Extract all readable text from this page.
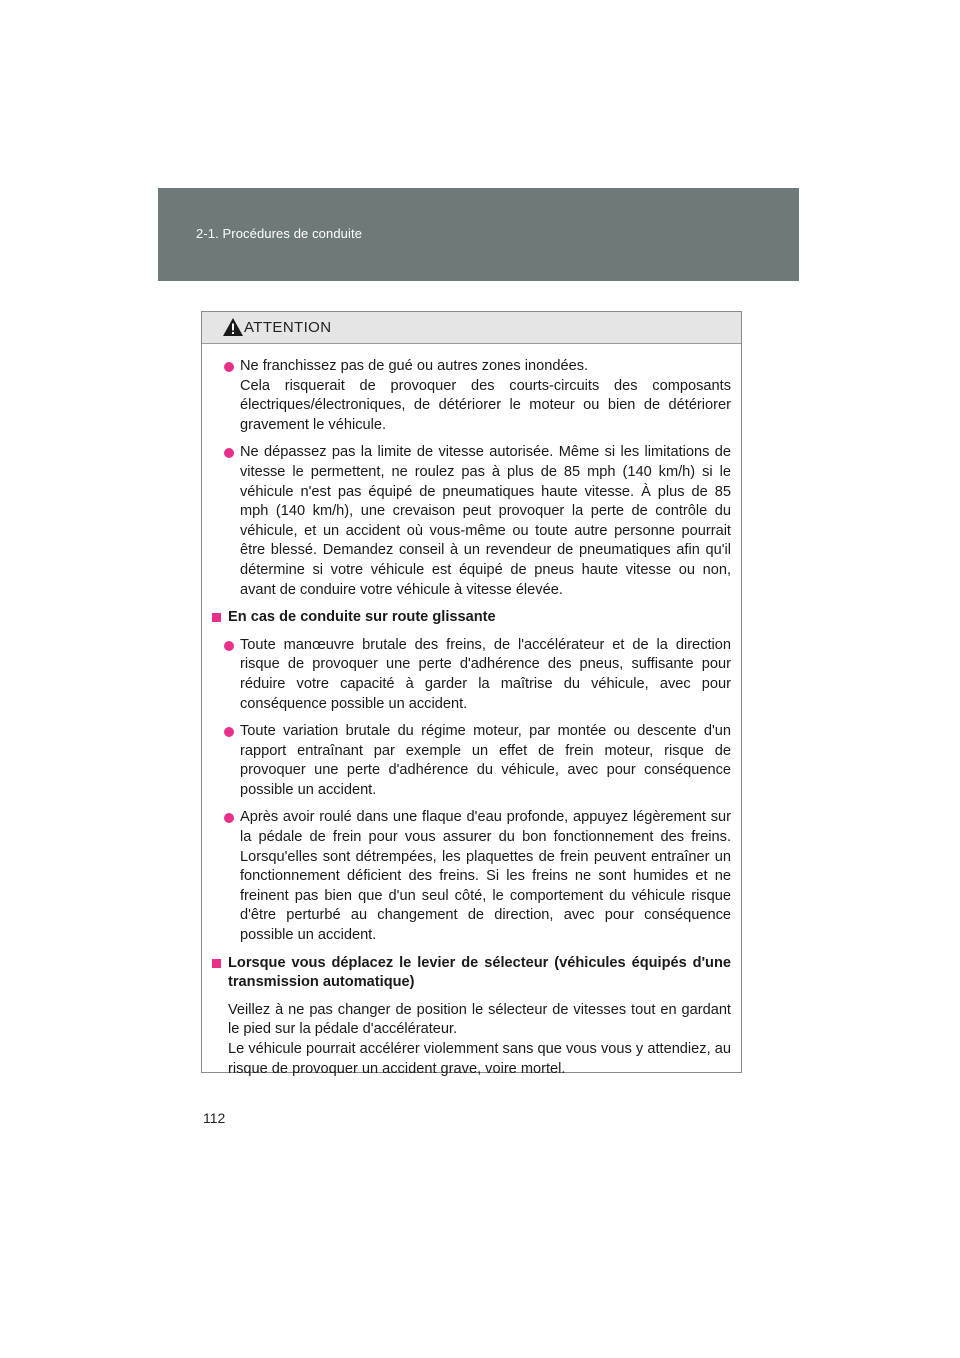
2-1. Procédures de conduite
ATTENTION

Ne franchissez pas de gué ou autres zones inondées.

Cela risquerait de provoquer des courts-circuits des composants électriques/électroniques, de détériorer le moteur ou bien de détériorer gravement le véhicule.

Ne dépassez pas la limite de vitesse autorisée. Même si les limitations de vitesse le permettent, ne roulez pas à plus de 85 mph (140 km/h) si le véhicule n'est pas équipé de pneumatiques haute vitesse. À plus de 85 mph (140 km/h), une crevaison peut provoquer la perte de contrôle du véhicule, et un accident où vous-même ou toute autre personne pourrait être blessé. Demandez conseil à un revendeur de pneumatiques afin qu'il détermine si votre véhicule est équipé de pneus haute vitesse ou non, avant de conduire votre véhicule à vitesse élevée.

En cas de conduite sur route glissante

Toute manœuvre brutale des freins, de l'accélérateur et de la direction risque de provoquer une perte d'adhérence des pneus, suffisante pour réduire votre capacité à garder la maîtrise du véhicule, avec pour conséquence possible un accident.

Toute variation brutale du régime moteur, par montée ou descente d'un rapport entraînant par exemple un effet de frein moteur, risque de provoquer une perte d'adhérence du véhicule, avec pour conséquence possible un accident.

Après avoir roulé dans une flaque d'eau profonde, appuyez légèrement sur la pédale de frein pour vous assurer du bon fonctionnement des freins. Lorsqu'elles sont détrempées, les plaquettes de frein peuvent entraîner un fonctionnement déficient des freins. Si les freins ne sont humides et ne freinent pas bien que d'un seul côté, le comportement du véhicule risque d'être perturbé au changement de direction, avec pour conséquence possible un accident.

Lorsque vous déplacez le levier de sélecteur (véhicules équipés d'une transmission automatique)

Veillez à ne pas changer de position le sélecteur de vitesses tout en gardant le pied sur la pédale d'accélérateur.

Le véhicule pourrait accélérer violemment sans que vous vous y attendiez, au risque de provoquer un accident grave, voire mortel.

112
